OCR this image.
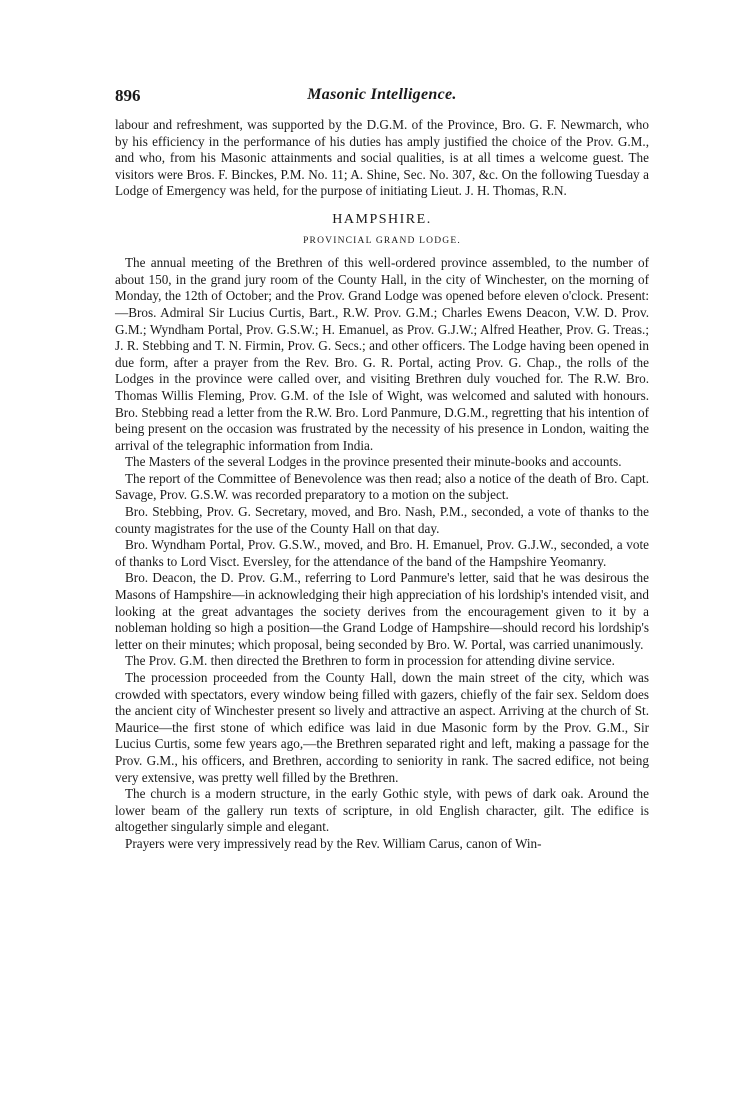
896	Masonic Intelligence.

labour and refreshment, was supported by the D.G.M. of the Province, Bro. G. F. Newmarch, who by his efficiency in the performance of his duties has amply justified the choice of the Prov. G.M., and who, from his Masonic attainments and social qualities, is at all times a welcome guest. The visitors were Bros. F. Binckes, P.M. No. 11; A. Shine, Sec. No. 307, &c. On the following Tuesday a Lodge of Emergency was held, for the purpose of initiating Lieut. J. H. Thomas, R.N.

HAMPSHIRE.
PROVINCIAL GRAND LODGE.

The annual meeting of the Brethren of this well-ordered province assembled, to the number of about 150, in the grand jury room of the County Hall, in the city of Winchester, on the morning of Monday, the 12th of October; and the Prov. Grand Lodge was opened before eleven o'clock. Present:—Bros. Admiral Sir Lucius Curtis, Bart., R.W. Prov. G.M.; Charles Ewens Deacon, V.W. D. Prov. G.M.; Wyndham Portal, Prov. G.S.W.; H. Emanuel, as Prov. G.J.W.; Alfred Heather, Prov. G. Treas.; J. R. Stebbing and T. N. Firmin, Prov. G. Secs.; and other officers. The Lodge having been opened in due form, after a prayer from the Rev. Bro. G. R. Portal, acting Prov. G. Chap., the rolls of the Lodges in the province were called over, and visiting Brethren duly vouched for. The R.W. Bro. Thomas Willis Fleming, Prov. G.M. of the Isle of Wight, was welcomed and saluted with honours. Bro. Stebbing read a letter from the R.W. Bro. Lord Panmure, D.G.M., regretting that his intention of being present on the occasion was frustrated by the necessity of his presence in London, waiting the arrival of the telegraphic information from India.

The Masters of the several Lodges in the province presented their minute-books and accounts.

The report of the Committee of Benevolence was then read; also a notice of the death of Bro. Capt. Savage, Prov. G.S.W. was recorded preparatory to a motion on the subject.

Bro. Stebbing, Prov. G. Secretary, moved, and Bro. Nash, P.M., seconded, a vote of thanks to the county magistrates for the use of the County Hall on that day.

Bro. Wyndham Portal, Prov. G.S.W., moved, and Bro. H. Emanuel, Prov. G.J.W., seconded, a vote of thanks to Lord Visct. Eversley, for the attendance of the band of the Hampshire Yeomanry.

Bro. Deacon, the D. Prov. G.M., referring to Lord Panmure's letter, said that he was desirous the Masons of Hampshire—in acknowledging their high appreciation of his lordship's intended visit, and looking at the great advantages the society derives from the encouragement given to it by a nobleman holding so high a position—the Grand Lodge of Hampshire—should record his lordship's letter on their minutes; which proposal, being seconded by Bro. W. Portal, was carried unanimously.

The Prov. G.M. then directed the Brethren to form in procession for attending divine service.

The procession proceeded from the County Hall, down the main street of the city, which was crowded with spectators, every window being filled with gazers, chiefly of the fair sex. Seldom does the ancient city of Winchester present so lively and attractive an aspect. Arriving at the church of St. Maurice—the first stone of which edifice was laid in due Masonic form by the Prov. G.M., Sir Lucius Curtis, some few years ago,—the Brethren separated right and left, making a passage for the Prov. G.M., his officers, and Brethren, according to seniority in rank. The sacred edifice, not being very extensive, was pretty well filled by the Brethren.

The church is a modern structure, in the early Gothic style, with pews of dark oak. Around the lower beam of the gallery run texts of scripture, in old English character, gilt. The edifice is altogether singularly simple and elegant.

Prayers were very impressively read by the Rev. William Carus, canon of Win-
